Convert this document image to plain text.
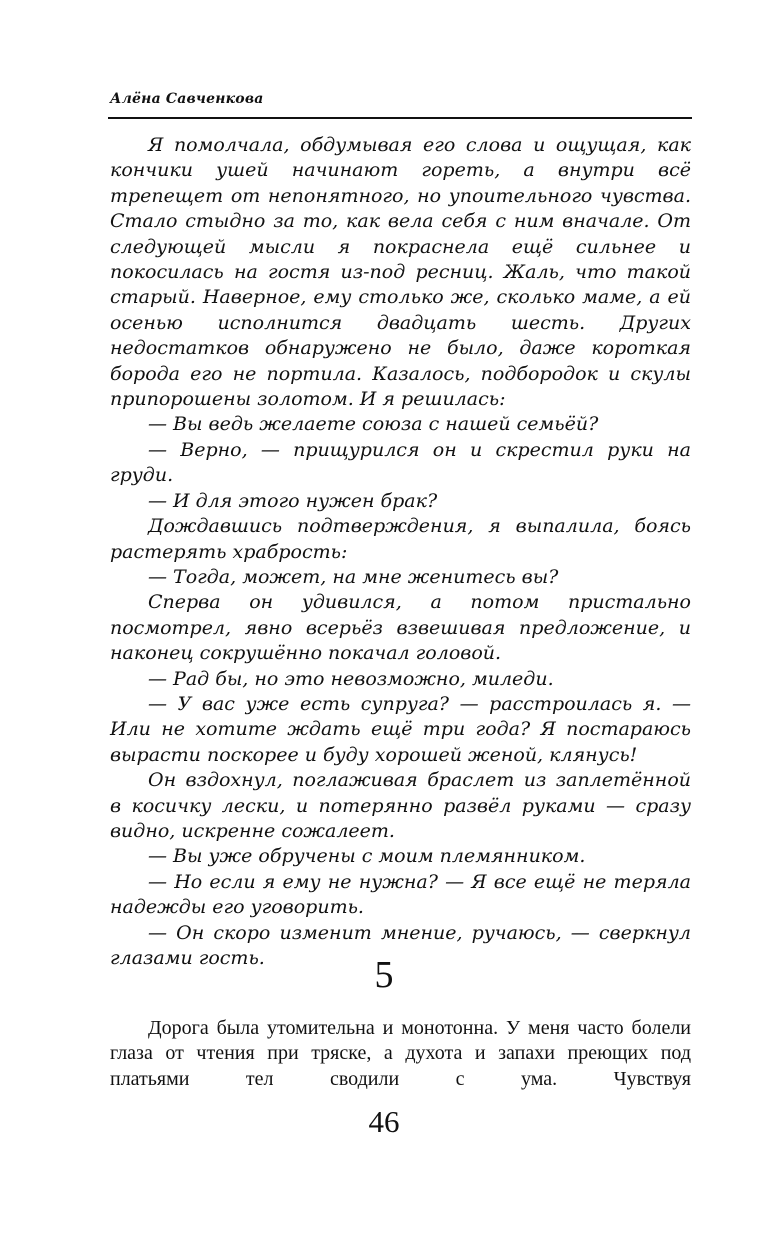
Алёна Савченкова

Я помолчала, обдумывая его слова и ощущая, как кончики ушей начинают гореть, а внутри всё трепещет от непонятного, но упоительного чувства. Стало стыдно за то, как вела себя с ним вначале. От следующей мысли я покраснела ещё сильнее и покосилась на гостя из-под ресниц. Жаль, что такой старый. Наверное, ему столько же, сколько маме, а ей осенью исполнится двадцать шесть. Других недостатков обнаружено не было, даже короткая борода его не портила. Казалось, подбородок и скулы припорошены золотом. И я решилась:

— Вы ведь желаете союза с нашей семьёй?

— Верно, — прищурился он и скрестил руки на груди.

— И для этого нужен брак?

Дождавшись подтверждения, я выпалила, боясь растерять храбрость:

— Тогда, может, на мне женитесь вы?

Сперва он удивился, а потом пристально посмотрел, явно всерьёз взвешивая предложение, и наконец сокрушённо покачал головой.

— Рад бы, но это невозможно, миледи.

— У вас уже есть супруга? — расстроилась я. — Или не хотите ждать ещё три года? Я постараюсь вырасти поскорее и буду хорошей женой, клянусь!

Он вздохнул, поглаживая браслет из заплетённой в косичку лески, и потерянно развёл руками — сразу видно, искренне сожалеет.

— Вы уже обручены с моим племянником.

— Но если я ему не нужна? — Я все ещё не теряла надежды его уговорить.

— Он скоро изменит мнение, ручаюсь, — сверкнул глазами гость.	5

Дорога была утомительна и монотонна. У меня часто болели глаза от чтения при тряске, а духота и запахи преющих под платьями тел сводили с ума. Чувствуя

46
